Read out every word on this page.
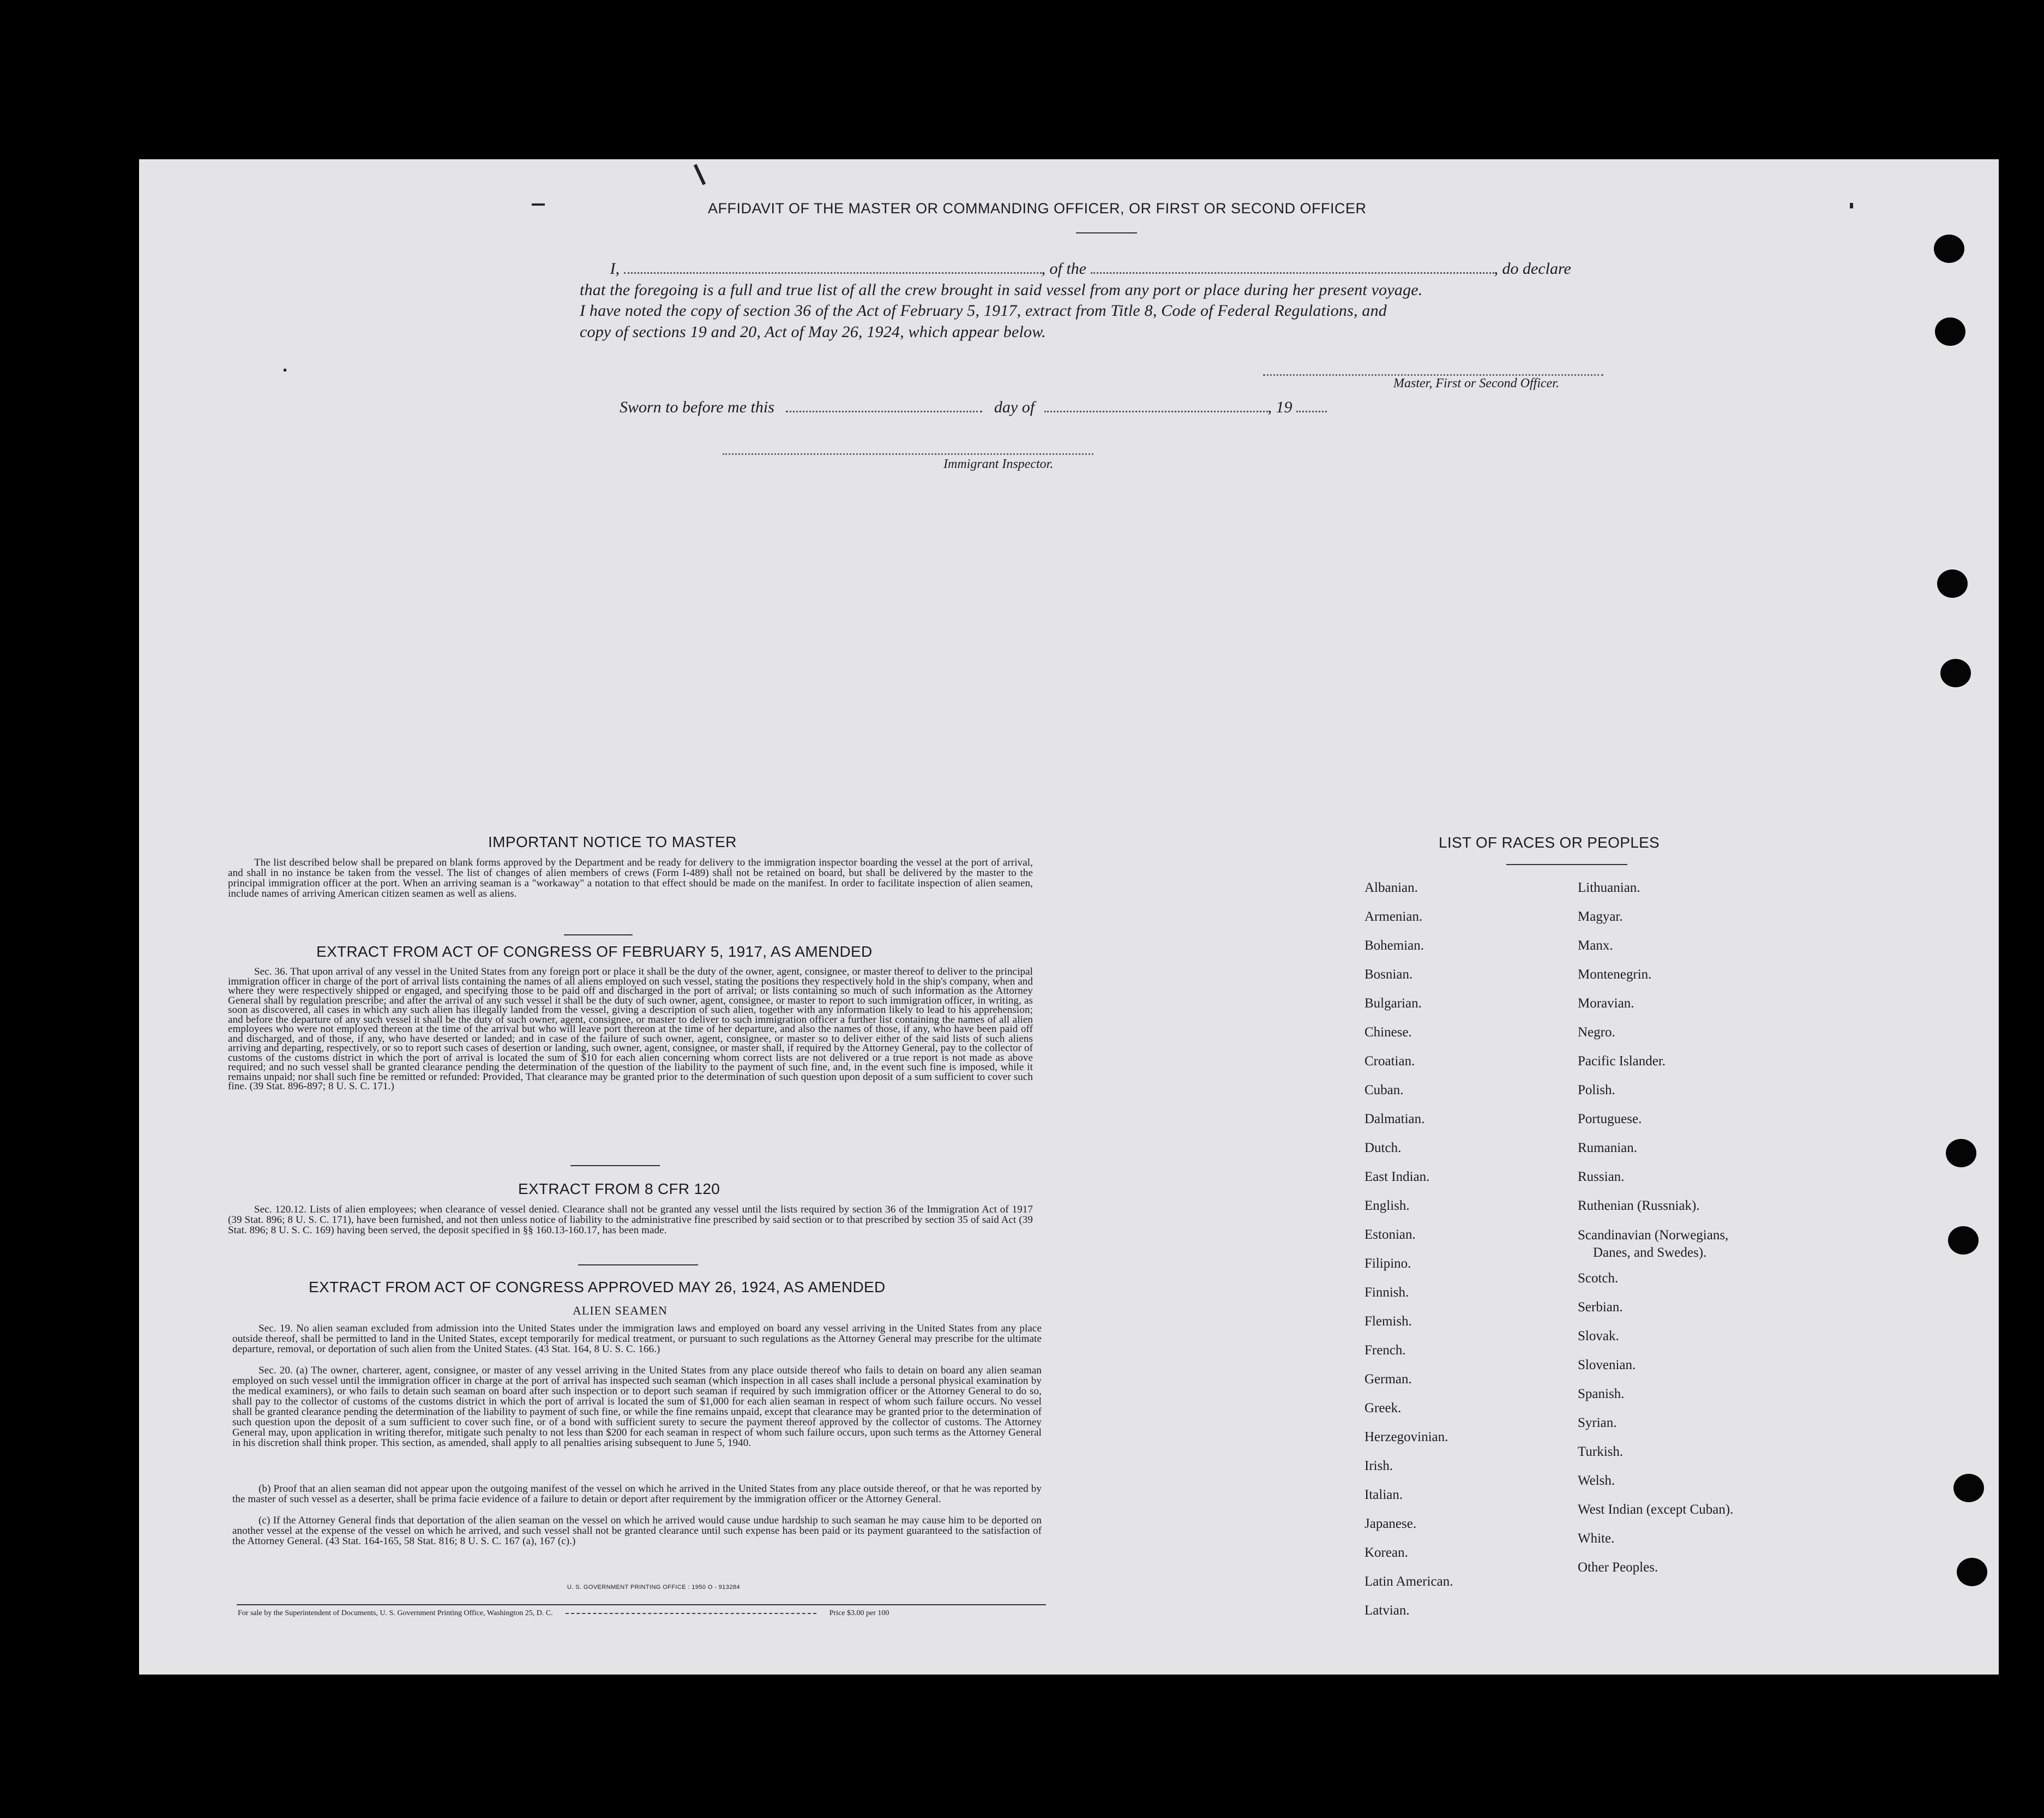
AFFIDAVIT OF THE MASTER OR COMMANDING OFFICER, OR FIRST OR SECOND OFFICER
I,	, of the	, do declare
that the foregoing is a full and true list of all the crew brought in said vessel from any port or place during her present voyage.
I have noted the copy of section 36 of the Act of February 5, 1917, extract from Title 8, Code of Federal Regulations, and
copy of sections 19 and 20, Act of May 26, 1924, which appear below.
Master, First or Second Officer.
Sworn to before me this	day of	, 19
Immigrant Inspector.
IMPORTANT NOTICE TO MASTER
The list described below shall be prepared on blank forms approved by the Department and be ready for delivery to the immigration inspector boarding the vessel at the port of arrival, and shall in no instance be taken from the vessel. The list of changes of alien members of crews (Form I-489) shall not be retained on board, but shall be delivered by the master to the principal immigration officer at the port. When an arriving seaman is a "workaway" a notation to that effect should be made on the manifest. In order to facilitate inspection of alien seamen, include names of arriving American citizen seamen as well as aliens.
EXTRACT FROM ACT OF CONGRESS OF FEBRUARY 5, 1917, AS AMENDED
Sec. 36. That upon arrival of any vessel in the United States from any foreign port or place it shall be the duty of the owner, agent, consignee, or master thereof to deliver to the principal immigration officer in charge of the port of arrival lists containing the names of all aliens employed on such vessel, stating the positions they respectively hold in the ship's company, when and where they were respectively shipped or engaged, and specifying those to be paid off and discharged in the port of arrival; or lists containing so much of such information as the Attorney General shall by regulation prescribe; and after the arrival of any such vessel it shall be the duty of such owner, agent, consignee, or master to report to such immigration officer, in writing, as soon as discovered, all cases in which any such alien has illegally landed from the vessel, giving a description of such alien, together with any information likely to lead to his apprehension; and before the departure of any such vessel it shall be the duty of such owner, agent, consignee, or master to deliver to such immigration officer a further list containing the names of all alien employees who were not employed thereon at the time of the arrival but who will leave port thereon at the time of her departure, and also the names of those, if any, who have been paid off and discharged, and of those, if any, who have deserted or landed; and in case of the failure of such owner, agent, consignee, or master so to deliver either of the said lists of such aliens arriving and departing, respectively, or so to report such cases of desertion or landing, such owner, agent, consignee, or master shall, if required by the Attorney General, pay to the collector of customs of the customs district in which the port of arrival is located the sum of $10 for each alien concerning whom correct lists are not delivered or a true report is not made as above required; and no such vessel shall be granted clearance pending the determination of the question of the liability to the payment of such fine, and, in the event such fine is imposed, while it remains unpaid; nor shall such fine be remitted or refunded: Provided, That clearance may be granted prior to the determination of such question upon deposit of a sum sufficient to cover such fine. (39 Stat. 896-897; 8 U. S. C. 171.)
EXTRACT FROM 8 CFR 120
Sec. 120.12. Lists of alien employees; when clearance of vessel denied. Clearance shall not be granted any vessel until the lists required by section 36 of the Immigration Act of 1917 (39 Stat. 896; 8 U. S. C. 171), have been furnished, and not then unless notice of liability to the administrative fine prescribed by said section or to that prescribed by section 35 of said Act (39 Stat. 896; 8 U. S. C. 169) having been served, the deposit specified in §§ 160.13-160.17, has been made.
EXTRACT FROM ACT OF CONGRESS APPROVED MAY 26, 1924, AS AMENDED
ALIEN SEAMEN
Sec. 19. No alien seaman excluded from admission into the United States under the immigration laws and employed on board any vessel arriving in the United States from any place outside thereof, shall be permitted to land in the United States, except temporarily for medical treatment, or pursuant to such regulations as the Attorney General may prescribe for the ultimate departure, removal, or deportation of such alien from the United States. (43 Stat. 164, 8 U. S. C. 166.)
Sec. 20. (a) The owner, charterer, agent, consignee, or master of any vessel arriving in the United States from any place outside thereof who fails to detain on board any alien seaman employed on such vessel until the immigration officer in charge at the port of arrival has inspected such seaman (which inspection in all cases shall include a personal physical examination by the medical examiners), or who fails to detain such seaman on board after such inspection or to deport such seaman if required by such immigration officer or the Attorney General to do so, shall pay to the collector of customs of the customs district in which the port of arrival is located the sum of $1,000 for each alien seaman in respect of whom such failure occurs. No vessel shall be granted clearance pending the determination of the liability to payment of such fine, or while the fine remains unpaid, except that clearance may be granted prior to the determination of such question upon the deposit of a sum sufficient to cover such fine, or of a bond with sufficient surety to secure the payment thereof approved by the collector of customs. The Attorney General may, upon application in writing therefor, mitigate such penalty to not less than $200 for each seaman in respect of whom such failure occurs, upon such terms as the Attorney General in his discretion shall think proper. This section, as amended, shall apply to all penalties arising subsequent to June 5, 1940.
(b) Proof that an alien seaman did not appear upon the outgoing manifest of the vessel on which he arrived in the United States from any place outside thereof, or that he was reported by the master of such vessel as a deserter, shall be prima facie evidence of a failure to detain or deport after requirement by the immigration officer or the Attorney General.
(c) If the Attorney General finds that deportation of the alien seaman on the vessel on which he arrived would cause undue hardship to such seaman he may cause him to be deported on another vessel at the expense of the vessel on which he arrived, and such vessel shall not be granted clearance until such expense has been paid or its payment guaranteed to the satisfaction of the Attorney General. (43 Stat. 164-165, 58 Stat. 816; 8 U. S. C. 167 (a), 167 (c).)
U. S. GOVERNMENT PRINTING OFFICE : 1950 O - 913284
For sale by the Superintendent of Documents, U. S. Government Printing Office, Washington 25, D. C.	Price $3.00 per 100
LIST OF RACES OR PEOPLES
Albanian.
Armenian.
Bohemian.
Bosnian.
Bulgarian.
Chinese.
Croatian.
Cuban.
Dalmatian.
Dutch.
East Indian.
English.
Estonian.
Filipino.
Finnish.
Flemish.
French.
German.
Greek.
Herzegovinian.
Irish.
Italian.
Japanese.
Korean.
Latin American.
Latvian.
Lithuanian.
Magyar.
Manx.
Montenegrin.
Moravian.
Negro.
Pacific Islander.
Polish.
Portuguese.
Rumanian.
Russian.
Ruthenian (Russniak).
Scandinavian (Norwegians,
Danes, and Swedes).
Scotch.
Serbian.
Slovak.
Slovenian.
Spanish.
Syrian.
Turkish.
Welsh.
West Indian (except Cuban).
White.
Other Peoples.
